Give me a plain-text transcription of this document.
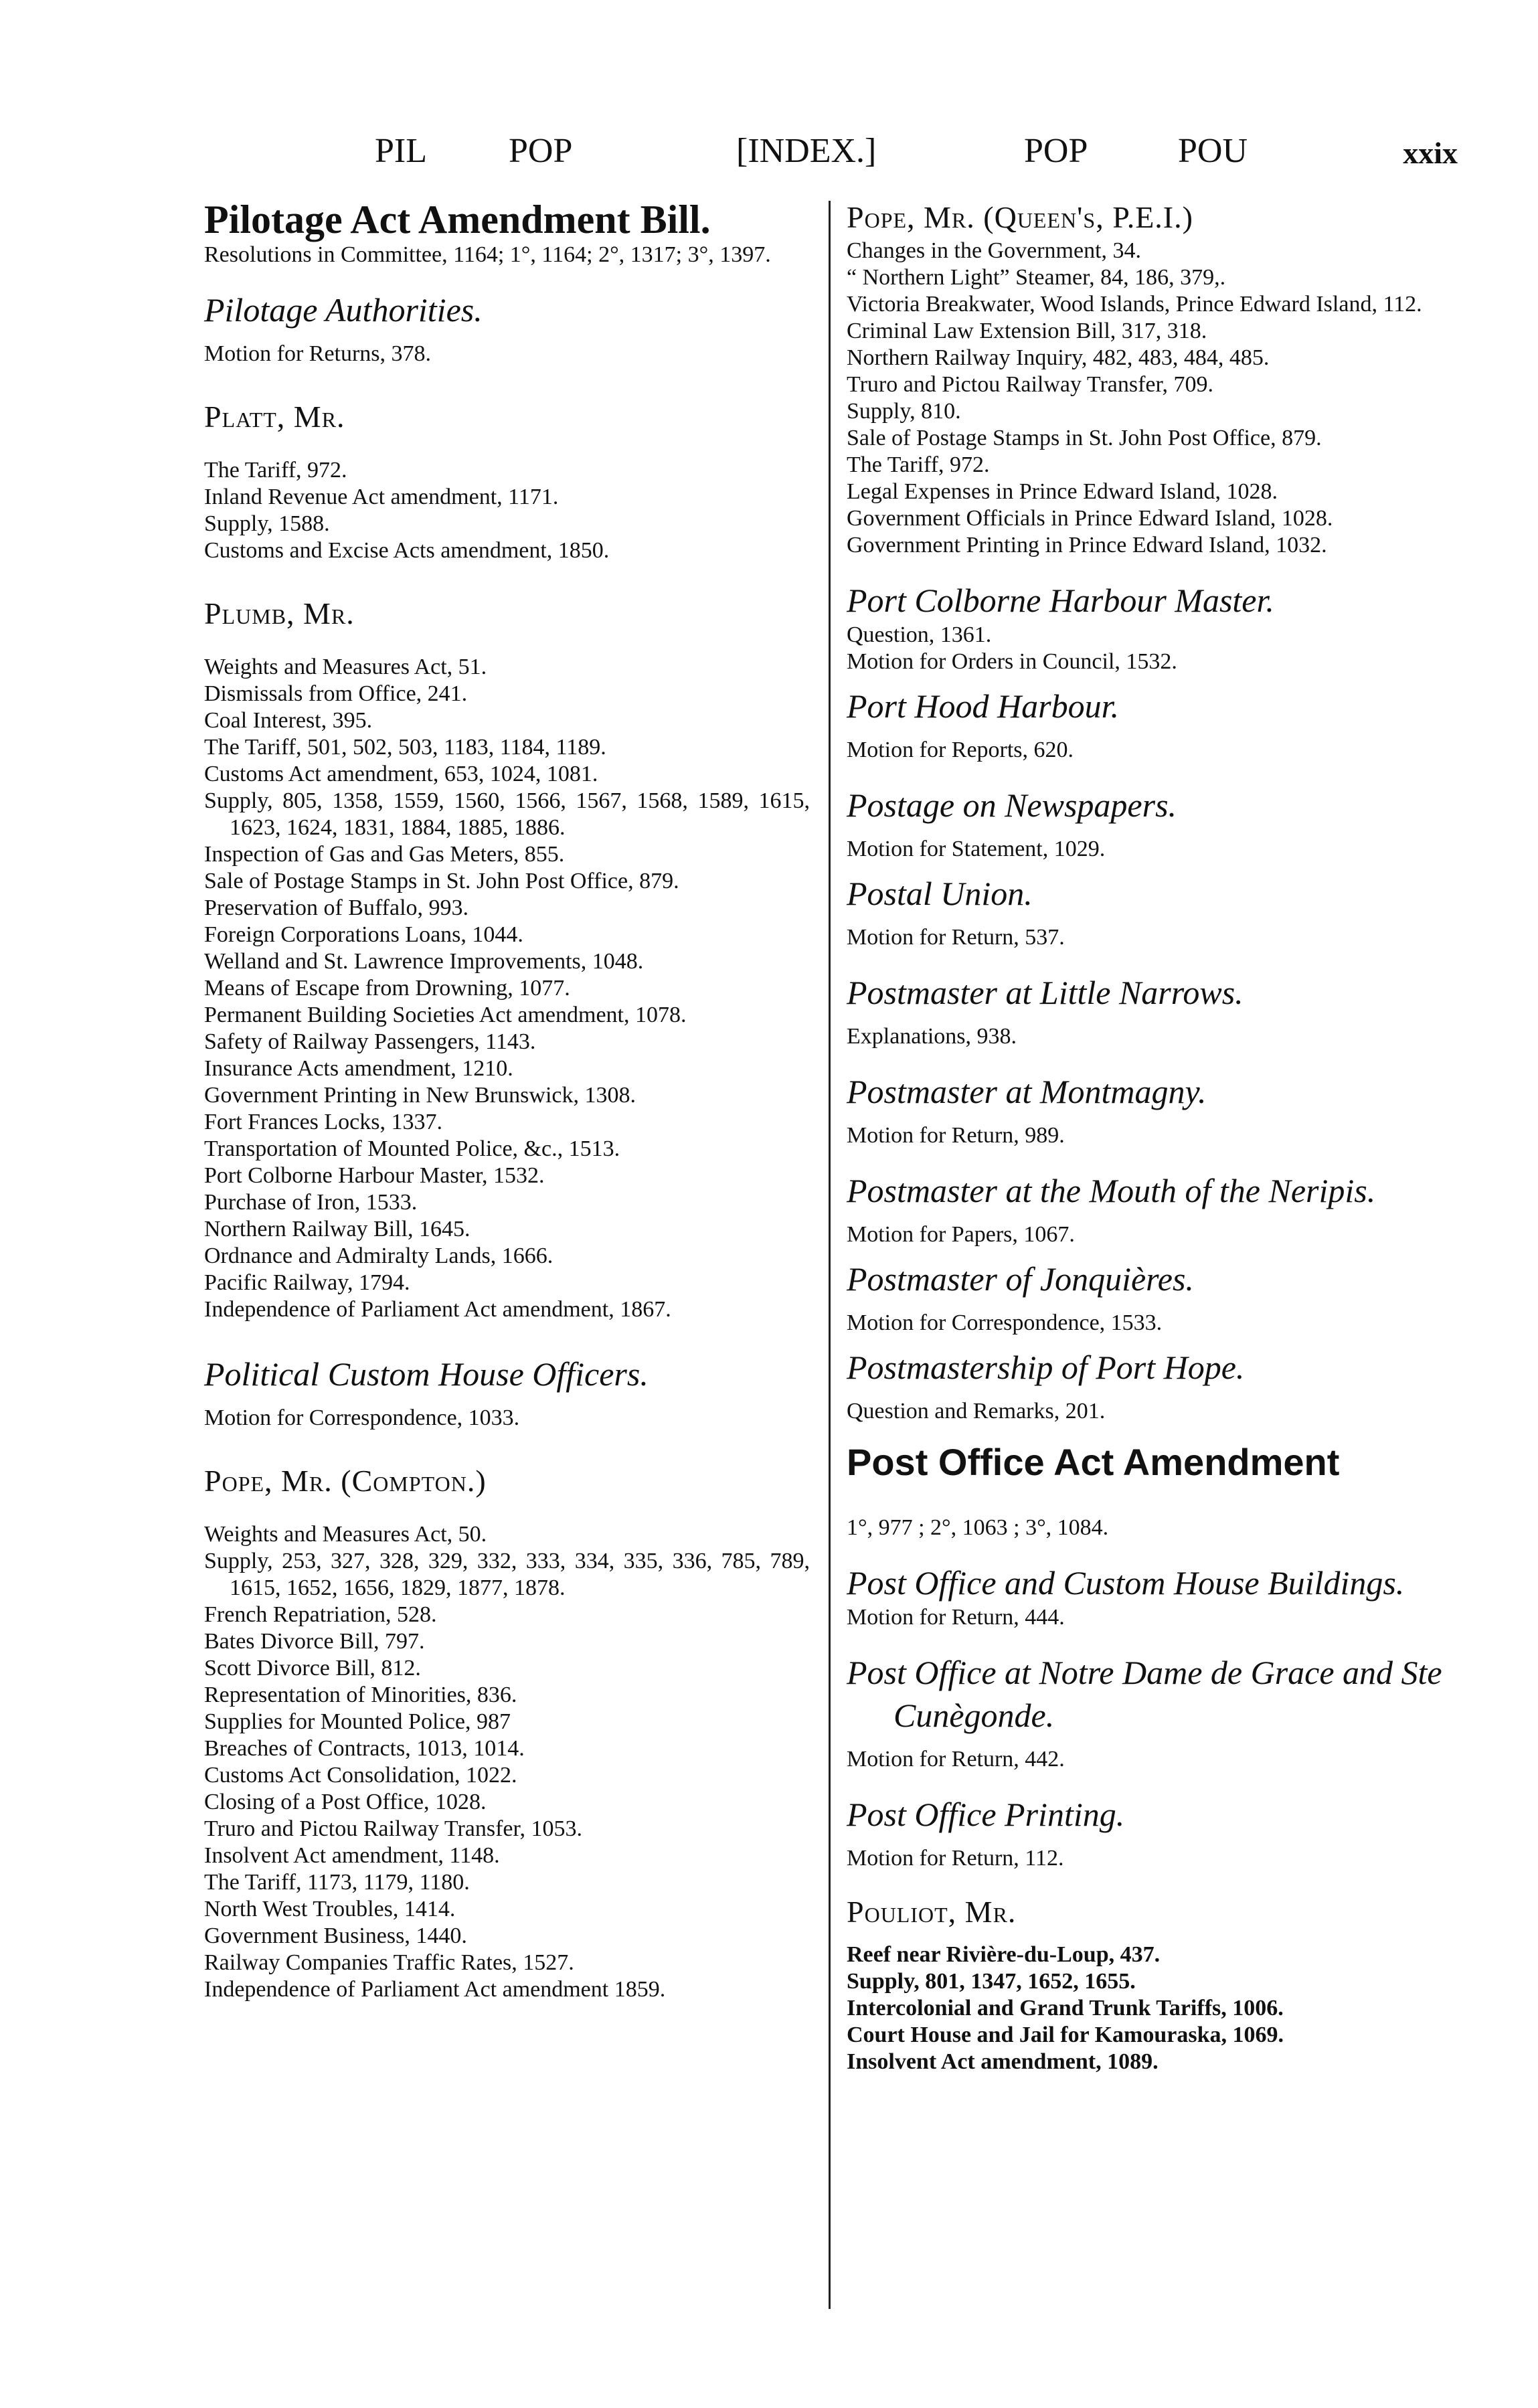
PIL POP	[INDEX.]	POP	POU	xxix
Pilotage Act Amendment Bill.
Resolutions in Committee, 1164; 1°, 1164; 2°, 1317; 3°, 1397.
Pilotage Authorities.
Motion for Returns, 378.
Platt, Mr.
The Tariff, 972.
Inland Revenue Act amendment, 1171.
Supply, 1588.
Customs and Excise Acts amendment, 1850.
Plumb, Mr.
Weights and Measures Act, 51.
Dismissals from Office, 241.
Coal Interest, 395.
The Tariff, 501, 502, 503, 1183, 1184, 1189.
Customs Act amendment, 653, 1024, 1081.
Supply, 805, 1358, 1559, 1560, 1566, 1567, 1568, 1589, 1615, 1623, 1624, 1831, 1884, 1885, 1886.
Inspection of Gas and Gas Meters, 855.
Sale of Postage Stamps in St. John Post Office, 879.
Preservation of Buffalo, 993.
Foreign Corporations Loans, 1044.
Welland and St. Lawrence Improvements, 1048.
Means of Escape from Drowning, 1077.
Permanent Building Societies Act amendment, 1078.
Safety of Railway Passengers, 1143.
Insurance Acts amendment, 1210.
Government Printing in New Brunswick, 1308.
Fort Frances Locks, 1337.
Transportation of Mounted Police, &c., 1513.
Port Colborne Harbour Master, 1532.
Purchase of Iron, 1533.
Northern Railway Bill, 1645.
Ordnance and Admiralty Lands, 1666.
Pacific Railway, 1794.
Independence of Parliament Act amendment, 1867.
Political Custom House Officers.
Motion for Correspondence, 1033.
Pope, Mr. (Compton.)
Weights and Measures Act, 50.
Supply, 253, 327, 328, 329, 332, 333, 334, 335, 336, 785, 789, 1615, 1652, 1656, 1829, 1877, 1878.
French Repatriation, 528.
Bates Divorce Bill, 797.
Scott Divorce Bill, 812.
Representation of Minorities, 836.
Supplies for Mounted Police, 987
Breaches of Contracts, 1013, 1014.
Customs Act Consolidation, 1022.
Closing of a Post Office, 1028.
Truro and Pictou Railway Transfer, 1053.
Insolvent Act amendment, 1148.
The Tariff, 1173, 1179, 1180.
North West Troubles, 1414.
Government Business, 1440.
Railway Companies Traffic Rates, 1527.
Independence of Parliament Act amendment 1859.
Pope, Mr. (Queen's, P.E.I.)
Changes in the Government, 34.
“ Northern Light” Steamer, 84, 186, 379,.
Victoria Breakwater, Wood Islands, Prince Edward Island, 112.
Criminal Law Extension Bill, 317, 318.
Northern Railway Inquiry, 482, 483, 484, 485.
Truro and Pictou Railway Transfer, 709.
Supply, 810.
Sale of Postage Stamps in St. John Post Office, 879.
The Tariff, 972.
Legal Expenses in Prince Edward Island, 1028.
Government Officials in Prince Edward Island, 1028.
Government Printing in Prince Edward Island, 1032.
Port Colborne Harbour Master.
Question, 1361.
Motion for Orders in Council, 1532.
Port Hood Harbour.
Motion for Reports, 620.
Postage on Newspapers.
Motion for Statement, 1029.
Postal Union.
Motion for Return, 537.
Postmaster at Little Narrows.
Explanations, 938.
Postmaster at Montmagny.
Motion for Return, 989.
Postmaster at the Mouth of the Neripis.
Motion for Papers, 1067.
Postmaster of Jonquières.
Motion for Correspondence, 1533.
Postmastership of Port Hope.
Question and Remarks, 201.
Post Office Act Amendment
1°, 977 ; 2°, 1063 ; 3°, 1084.
Post Office and Custom House Buildings.
Motion for Return, 444.
Post Office at Notre Dame de Grace and Ste Cunègonde.
Motion for Return, 442.
Post Office Printing.
Motion for Return, 112.
Pouliot, Mr.
Reef near Rivière-du-Loup, 437.
Supply, 801, 1347, 1652, 1655.
Intercolonial and Grand Trunk Tariffs, 1006.
Court House and Jail for Kamouraska, 1069.
Insolvent Act amendment, 1089.
